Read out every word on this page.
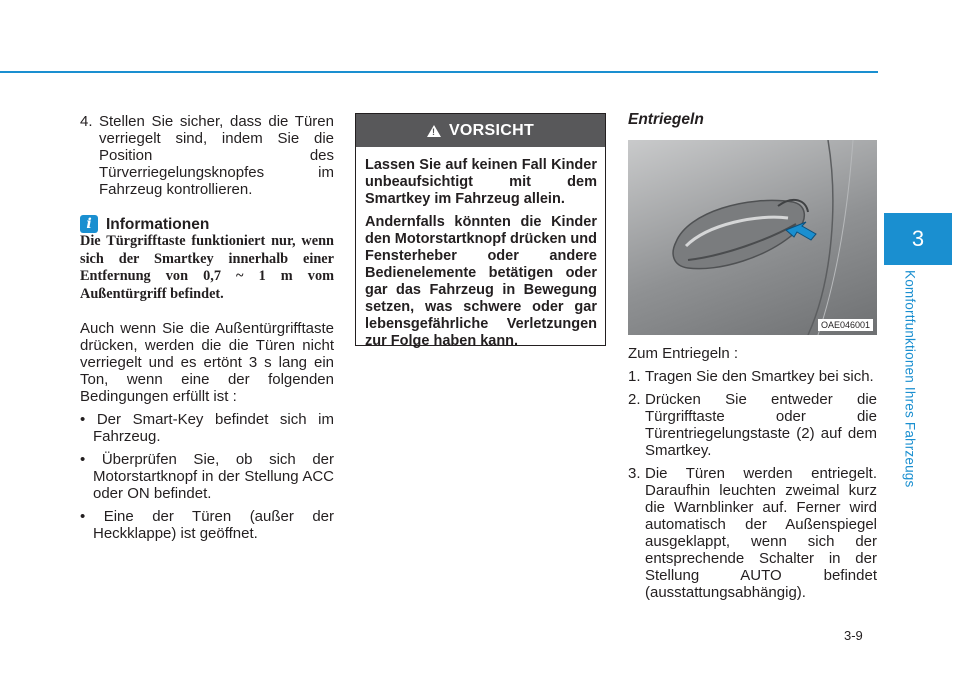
3
Komfortfunktionen Ihres Fahrzeugs
3-9
4. Stellen Sie sicher, dass die Türen

verriegelt sind, indem Sie die

Position des

Türverriegelungsknopfes im

Fahrzeug kontrollieren.

i Informationen

Die Türgrifftaste funktioniert nur, wenn sich der Smartkey innerhalb einer Entfernung von 0,7 ~ 1 m vom Außentürgriff befindet.

Auch wenn Sie die Außentürgrifftaste drücken, werden die die Türen nicht verriegelt und es ertönt 3 s lang ein Ton, wenn eine der folgenden Bedingungen erfüllt ist :

• Der Smart-Key befindet sich im Fahrzeug.

• Überprüfen Sie, ob sich der Motorstartknopf in der Stellung ACC oder ON befindet.

• Eine der Türen (außer der Heckklappe) ist geöffnet.

! VORSICHT

Lassen Sie auf keinen Fall Kinder unbeaufsichtigt mit dem Smartkey im Fahrzeug allein.

Andernfalls könnten die Kinder den Motorstartknopf drücken und Fensterheber oder andere Bedienelemente betätigen oder gar das Fahrzeug in Bewegung setzen, was schwere oder gar lebensgefährliche Verletzungen zur Folge haben kann.

Entriegeln
OAE046001

Zum Entriegeln :

1. Tragen Sie den Smartkey bei sich.

2. Drücken Sie entweder die Türgrifftaste oder die Türentriegelungstaste (2) auf dem Smartkey.

3. Die Türen werden entriegelt. Daraufhin leuchten zweimal kurz die Warnblinker auf. Ferner wird automatisch der Außenspiegel ausgeklappt, wenn sich der entsprechende Schalter in der Stellung AUTO befindet (ausstattungsabhängig).
